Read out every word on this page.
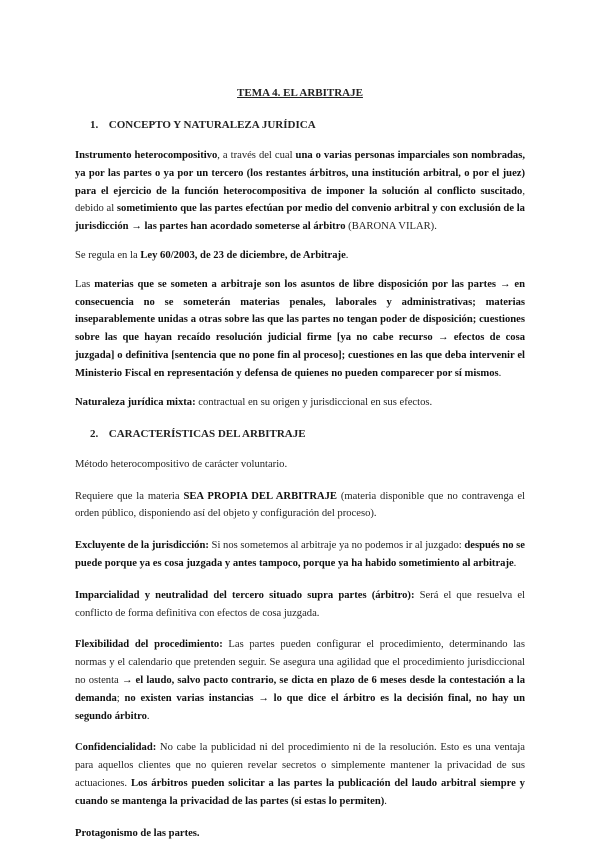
TEMA 4. EL ARBITRAJE
1. CONCEPTO Y NATURALEZA JURÍDICA

Instrumento heterocompositivo, a través del cual una o varias personas imparciales son nombradas, ya por las partes o ya por un tercero (los restantes árbitros, una institución arbitral, o por el juez) para el ejercicio de la función heterocompositiva de imponer la solución al conflicto suscitado, debido al sometimiento que las partes efectúan por medio del convenio arbitral y con exclusión de la jurisdicción → las partes han acordado someterse al árbitro (BARONA VILAR).

Se regula en la Ley 60/2003, de 23 de diciembre, de Arbitraje.

Las materias que se someten a arbitraje son los asuntos de libre disposición por las partes → en consecuencia no se someterán materias penales, laborales y administrativas; materias inseparablemente unidas a otras sobre las que las partes no tengan poder de disposición; cuestiones sobre las que hayan recaído resolución judicial firme [ya no cabe recurso → efectos de cosa juzgada] o definitiva [sentencia que no pone fin al proceso]; cuestiones en las que deba intervenir el Ministerio Fiscal en representación y defensa de quienes no pueden comparecer por sí mismos.

Naturaleza jurídica mixta: contractual en su origen y jurisdiccional en sus efectos.

2. CARACTERÍSTICAS DEL ARBITRAJE

Método heterocompositivo de carácter voluntario.

Requiere que la materia SEA PROPIA DEL ARBITRAJE (materia disponible que no contravenga el orden público, disponiendo así del objeto y configuración del proceso).

Excluyente de la jurisdicción: Si nos sometemos al arbitraje ya no podemos ir al juzgado: después no se puede porque ya es cosa juzgada y antes tampoco, porque ya ha habido sometimiento al arbitraje.

Imparcialidad y neutralidad del tercero situado supra partes (árbitro): Será el que resuelva el conflicto de forma definitiva con efectos de cosa juzgada.

Flexibilidad del procedimiento: Las partes pueden configurar el procedimiento, determinando las normas y el calendario que pretenden seguir. Se asegura una agilidad que el procedimiento jurisdiccional no ostenta → el laudo, salvo pacto contrario, se dicta en plazo de 6 meses desde la contestación a la demanda; no existen varias instancias → lo que dice el árbitro es la decisión final, no hay un segundo árbitro.

Confidencialidad: No cabe la publicidad ni del procedimiento ni de la resolución. Esto es una ventaja para aquellos clientes que no quieren revelar secretos o simplemente mantener la privacidad de sus actuaciones. Los árbitros pueden solicitar a las partes la publicación del laudo arbitral siempre y cuando se mantenga la privacidad de las partes (si estas lo permiten).

Protagonismo de las partes.
